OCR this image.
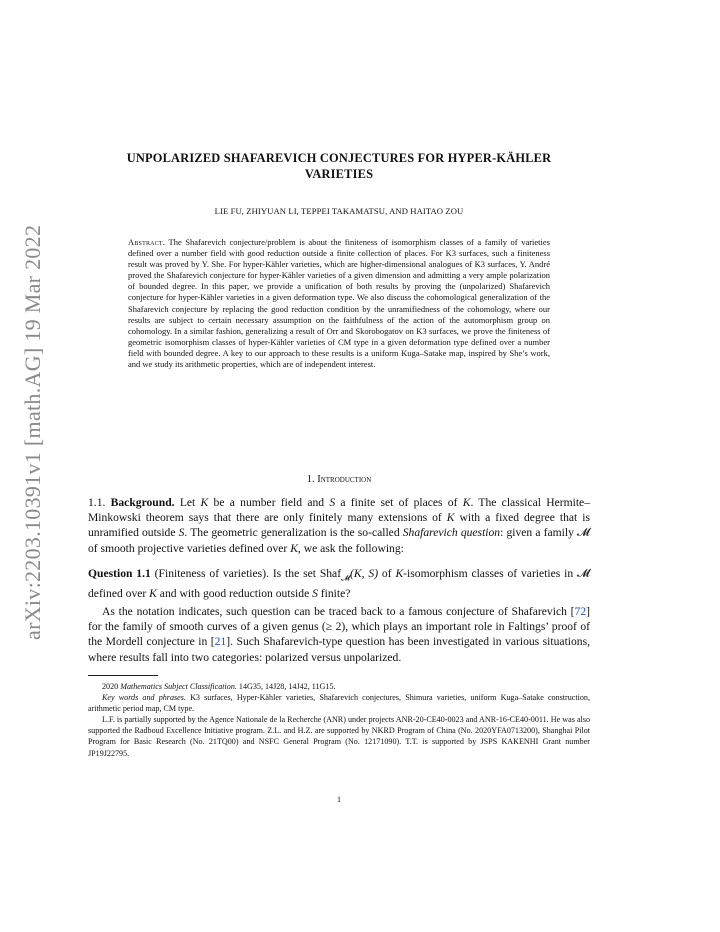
arXiv:2203.10391v1 [math.AG] 19 Mar 2022
UNPOLARIZED SHAFAREVICH CONJECTURES FOR HYPER-KÄHLER
VARIETIES
LIE FU, ZHIYUAN LI, TEPPEI TAKAMATSU, AND HAITAO ZOU
Abstract. The Shafarevich conjecture/problem is about the finiteness of isomorphism classes of a family of varieties defined over a number field with good reduction outside a finite collection of places. For K3 surfaces, such a finiteness result was proved by Y. She. For hyper-Kähler varieties, which are higher-dimensional analogues of K3 surfaces, Y. André proved the Shafarevich conjecture for hyper-Kähler varieties of a given dimension and admitting a very ample polarization of bounded degree. In this paper, we provide a unification of both results by proving the (unpolarized) Shafarevich conjecture for hyper-Kähler varieties in a given deformation type. We also discuss the cohomological generalization of the Shafarevich conjecture by replacing the good reduction condition by the unramifiedness of the cohomology, where our results are subject to certain necessary assumption on the faithfulness of the action of the automorphism group on cohomology. In a similar fashion, generalizing a result of Orr and Skorobogatov on K3 surfaces, we prove the finiteness of geometric isomorphism classes of hyper-Kähler varieties of CM type in a given deformation type defined over a number field with bounded degree. A key to our approach to these results is a uniform Kuga–Satake map, inspired by She’s work, and we study its arithmetic properties, which are of independent interest.
1. Introduction
1.1. Background. Let K be a number field and S a finite set of places of K. The classical Hermite–Minkowski theorem says that there are only finitely many extensions of K with a fixed degree that is unramified outside S. The geometric generalization is the so-called Shafarevich question: given a family 𝓜 of smooth projective varieties defined over K, we ask the following:
Question 1.1 (Finiteness of varieties). Is the set Shaf$_𝓜$(K, S) of K-isomorphism classes of varieties in 𝓜 defined over K and with good reduction outside S finite?
As the notation indicates, such question can be traced back to a famous conjecture of Shafarevich [72] for the family of smooth curves of a given genus (≥ 2), which plays an important role in Faltings’ proof of the Mordell conjecture in [21]. Such Shafarevich-type question has been investigated in various situations, where results fall into two categories: polarized versus unpolarized.

2020 Mathematics Subject Classification. 14G35, 14J28, 14J42, 11G15.

Key words and phrases. K3 surfaces, Hyper-Kähler varieties, Shafarevich conjectures, Shimura varieties, uniform Kuga–Satake construction, arithmetic period map, CM type.

L.F. is partially supported by the Agence Nationale de la Recherche (ANR) under projects ANR-20-CE40-0023 and ANR-16-CE40-0011. He was also supported the Radboud Excellence Initiative program. Z.L. and H.Z. are supported by NKRD Program of China (No. 2020YFA0713200), Shanghai Pilot Program for Basic Research (No. 21TQ00) and NSFC General Program (No. 12171090). T.T. is supported by JSPS KAKENHI Grant number JP19J22795.

1
